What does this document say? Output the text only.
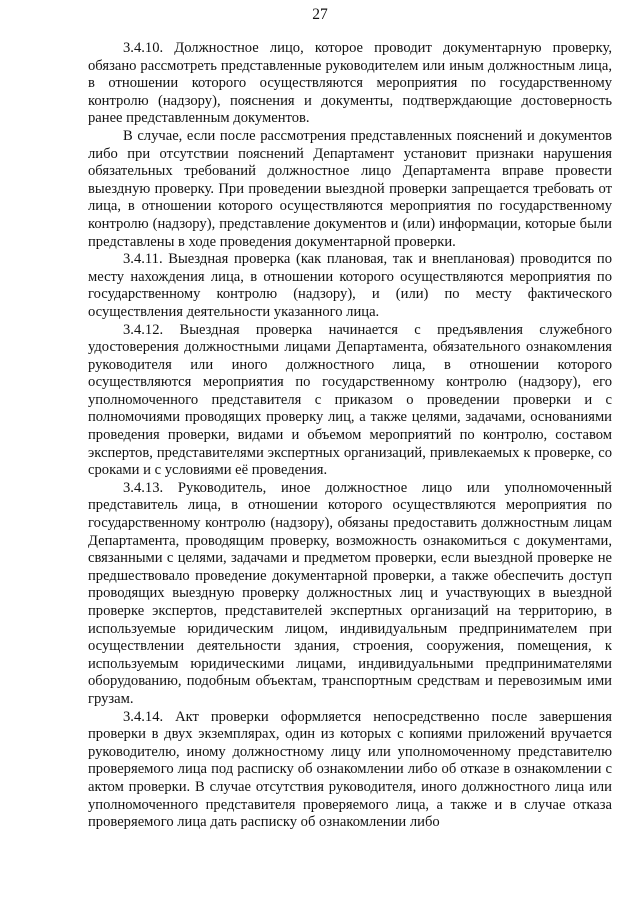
27

3.4.10. Должностное лицо, которое проводит документарную проверку, обязано рассмотреть представленные руководителем или иным должностным лица, в отношении которого осуществляются мероприятия по государственному контролю (надзору), пояснения и документы, подтверждающие достоверность ранее представленным документов.

В случае, если после рассмотрения представленных пояснений и документов либо при отсутствии пояснений Департамент установит признаки нарушения обязательных требований должностное лицо Департамента вправе провести выездную проверку. При проведении выездной проверки запрещается требовать от лица, в отношении которого осуществляются мероприятия по государственному контролю (надзору), представление документов и (или) информации, которые были представлены в ходе проведения документарной проверки.

3.4.11. Выездная проверка (как плановая, так и внеплановая) проводится по месту нахождения лица, в отношении которого осуществляются мероприятия по государственному контролю (надзору), и (или) по месту фактического осуществления деятельности указанного лица.

3.4.12. Выездная проверка начинается с предъявления служебного удостоверения должностными лицами Департамента, обязательного ознакомления руководителя или иного должностного лица, в отношении которого осуществляются мероприятия по государственному контролю (надзору), его уполномоченного представителя с приказом о проведении проверки и с полномочиями проводящих проверку лиц, а также целями, задачами, основаниями проведения проверки, видами и объемом мероприятий по контролю, составом экспертов, представителями экспертных организаций, привлекаемых к проверке, со сроками и с условиями её проведения.

3.4.13. Руководитель, иное должностное лицо или уполномоченный представитель лица, в отношении которого осуществляются мероприятия по государственному контролю (надзору), обязаны предоставить должностным лицам Департамента, проводящим проверку, возможность ознакомиться с документами, связанными с целями, задачами и предметом проверки, если выездной проверке не предшествовало проведение документарной проверки, а также обеспечить доступ проводящих выездную проверку должностных лиц и участвующих в выездной проверке экспертов, представителей экспертных организаций на территорию, в используемые юридическим лицом, индивидуальным предпринимателем при осуществлении деятельности здания, строения, сооружения, помещения, к используемым юридическими лицами, индивидуальными предпринимателями оборудованию, подобным объектам, транспортным средствам и перевозимым ими грузам.

3.4.14. Акт проверки оформляется непосредственно после завершения проверки в двух экземплярах, один из которых с копиями приложений вручается руководителю, иному должностному лицу или уполномоченному представителю проверяемого лица под расписку об ознакомлении либо об отказе в ознакомлении с актом проверки. В случае отсутствия руководителя, иного должностного лица или уполномоченного представителя проверяемого лица, а также и в случае отказа проверяемого лица дать расписку об ознакомлении либо
